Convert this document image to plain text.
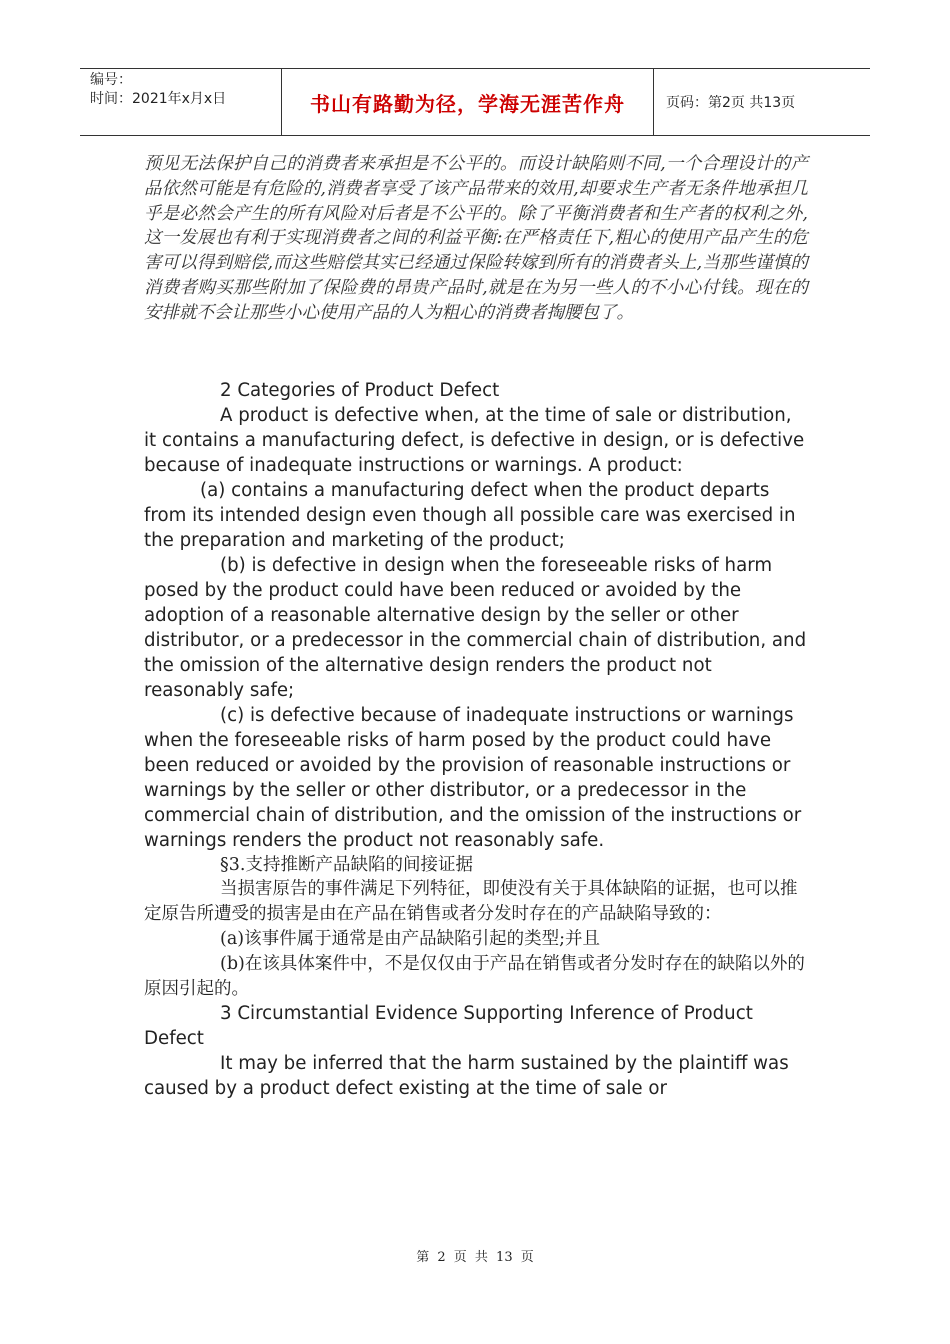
编号：
时间：2021年x月x日	书山有路勤为径，学海无涯苦作舟	页码：第2页 共13页

预见无法保护自己的消费者来承担是不公平的。而设计缺陷则不同,一个合理设计的产品依然可能是有危险的,消费者享受了该产品带来的效用,却要求生产者无条件地承担几乎是必然会产生的所有风险对后者是不公平的。除了平衡消费者和生产者的权利之外,这一发展也有利于实现消费者之间的利益平衡:在严格责任下,粗心的使用产品产生的危害可以得到赔偿,而这些赔偿其实已经通过保险转嫁到所有的消费者头上,当那些谨慎的消费者购买那些附加了保险费的昂贵产品时,就是在为另一些人的不小心付钱。现在的安排就不会让那些小心使用产品的人为粗心的消费者掏腰包了。

2 Categories of Product Defect

A product is defective when, at the time of sale or distribution, it contains a manufacturing defect, is defective in design, or is defective because of inadequate instructions or warnings. A product:

(a) contains a manufacturing defect when the product departs from its intended design even though all possible care was exercised in the preparation and marketing of the product;

(b) is defective in design when the foreseeable risks of harm posed by the product could have been reduced or avoided by the adoption of a reasonable alternative design by the seller or other distributor, or a predecessor in the commercial chain of distribution, and the omission of the alternative design renders the product not reasonably safe;

(c) is defective because of inadequate instructions or warnings when the foreseeable risks of harm posed by the product could have been reduced or avoided by the provision of reasonable instructions or warnings by the seller or other distributor, or a predecessor in the commercial chain of distribution, and the omission of the instructions or warnings renders the product not reasonably safe.

§3.支持推断产品缺陷的间接证据

当损害原告的事件满足下列特征，即使没有关于具体缺陷的证据，也可以推定原告所遭受的损害是由在产品在销售或者分发时存在的产品缺陷导致的：

(a)该事件属于通常是由产品缺陷引起的类型;并且

(b)在该具体案件中，不是仅仅由于产品在销售或者分发时存在的缺陷以外的原因引起的。

3 Circumstantial Evidence Supporting Inference of Product Defect

It may be inferred that the harm sustained by the plaintiff was caused by a product defect existing at the time of sale or

第 2 页 共 13 页
